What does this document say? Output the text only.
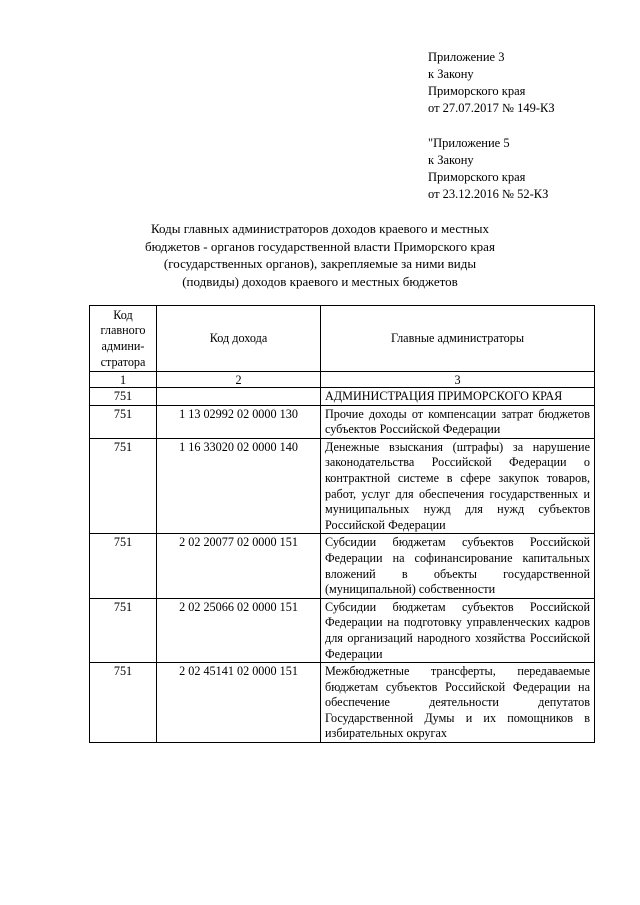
Приложение 3
к Закону
Приморского края
от 27.07.2017 № 149-КЗ
"Приложение 5
к Закону
Приморского края
от 23.12.2016 № 52-КЗ
Коды главных администраторов доходов краевого и местных
бюджетов - органов государственной власти Приморского края
(государственных органов), закрепляемые за ними виды
(подвиды) доходов краевого и местных бюджетов
Код
главного
админи-
стратора	Код дохода	Главные администраторы
1	2	3
751		АДМИНИСТРАЦИЯ ПРИМОРСКОГО КРАЯ
751	1 13 02992 02 0000 130	Прочие доходы от компенсации затрат бюджетов субъектов Российской Федерации
751	1 16 33020 02 0000 140	Денежные взыскания (штрафы) за нарушение законодательства Российской Федерации о контрактной системе в сфере закупок товаров, работ, услуг для обеспечения государственных и муниципальных нужд для нужд субъектов Российской Федерации
751	2 02 20077 02 0000 151	Субсидии бюджетам субъектов Российской Федерации на софинансирование капитальных вложений в объекты государственной (муниципальной) собственности
751	2 02 25066 02 0000 151	Субсидии бюджетам субъектов Российской Федерации на подготовку управленческих кадров для организаций народного хозяйства Российской Федерации
751	2 02 45141 02 0000 151	Межбюджетные трансферты, передаваемые бюджетам субъектов Российской Федерации на обеспечение деятельности депутатов Государственной Думы и их помощников в избирательных округах
